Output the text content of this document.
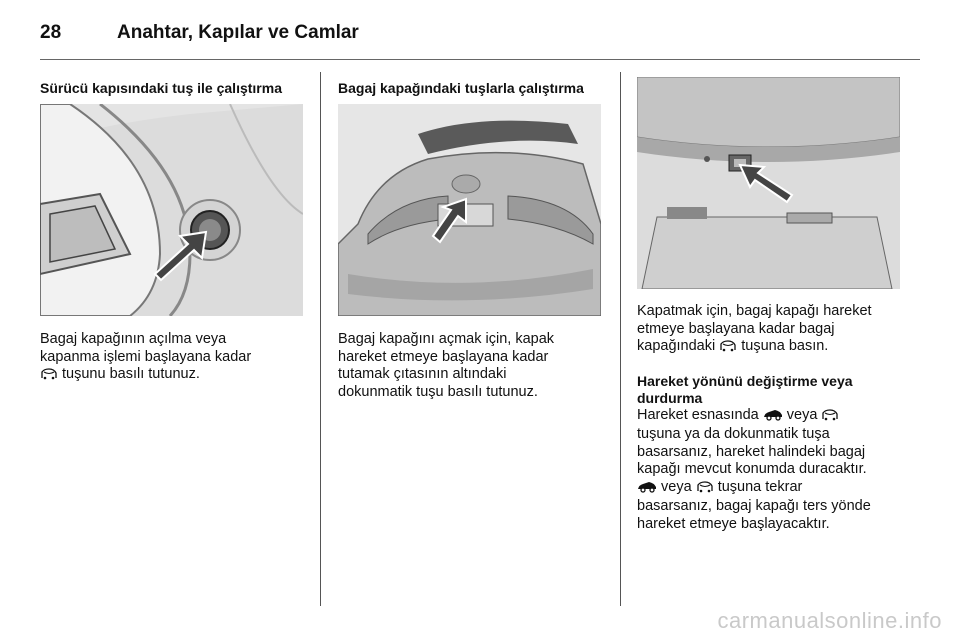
28	Anahtar, Kapılar ve Camlar
Sürücü kapısındaki tuş ile çalıştırma

Bagaj kapağının açılma veya

kapanma işlemi başlayana kadar

tuşunu basılı tutunuz.

Bagaj kapağındaki tuşlarla çalıştırma

Bagaj kapağını açmak için, kapak

hareket etmeye başlayana kadar

tutamak çıtasının altındaki

dokunmatik tuşu basılı tutunuz.

Kapatmak için, bagaj kapağı hareket

etmeye başlayana kadar bagaj

kapağındaki  tuşuna basın.

Hareket yönünü değiştirme veya
durdurma

Hareket esnasında  veya

tuşuna ya da dokunmatik tuşa

basarsanız, hareket halindeki bagaj

kapağı mevcut konumda duracaktır.

veya  tuşuna tekrar

basarsanız, bagaj kapağı ters yönde

hareket etmeye başlayacaktır.

carmanualsonline.info
